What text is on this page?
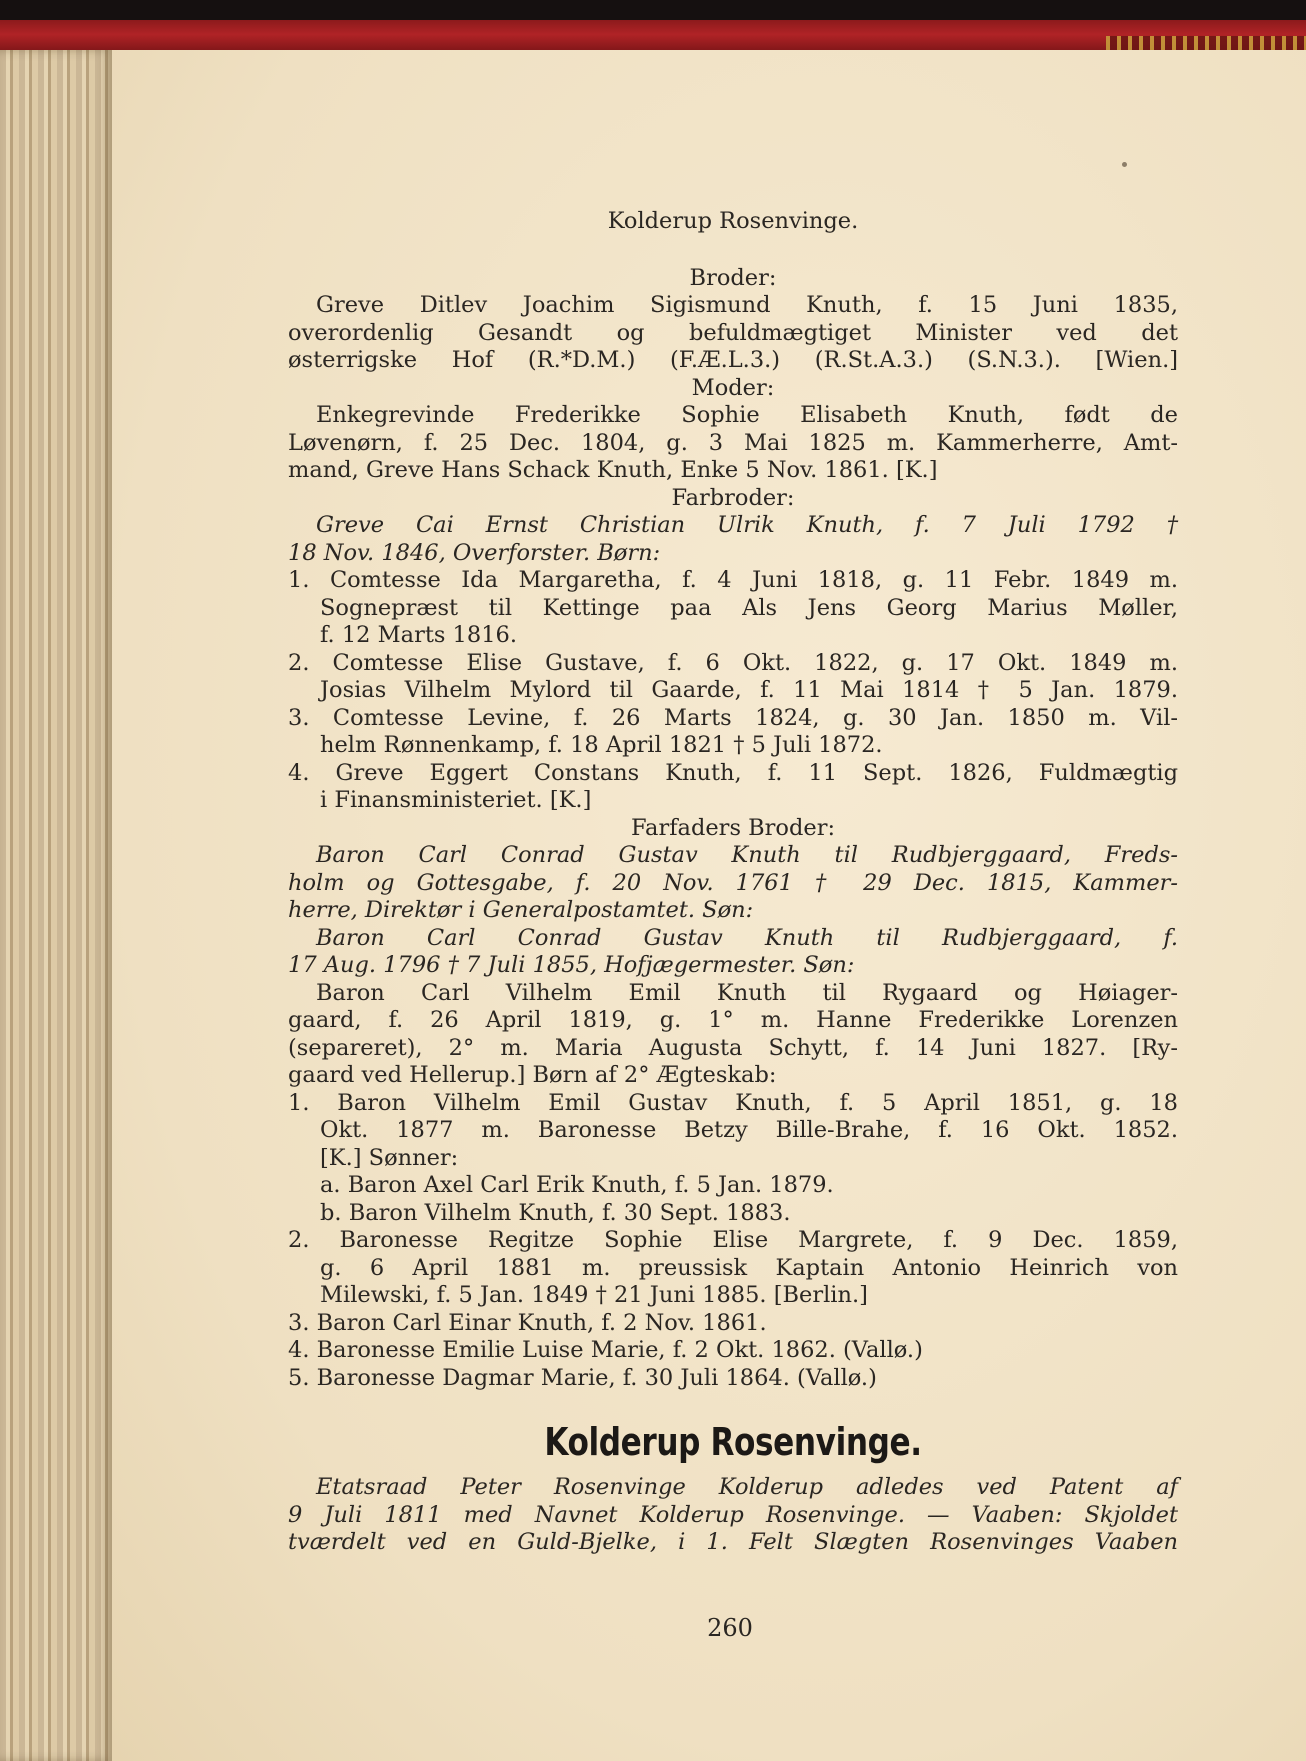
Kolderup Rosenvinge.
Broder:
Greve Ditlev Joachim Sigismund Knuth, f. 15 Juni 1835,
overordenlig Gesandt og befuldmægtiget Minister ved det
østerrigske Hof (R.*D.M.) (F.Æ.L.3.) (R.St.A.3.) (S.N.3.). [Wien.]
Moder:
Enkegrevinde Frederikke Sophie Elisabeth Knuth, født de
Løvenørn, f. 25 Dec. 1804, g. 3 Mai 1825 m. Kammerherre, Amt-
mand, Greve Hans Schack Knuth, Enke 5 Nov. 1861. [K.]
Farbroder:
Greve Cai Ernst Christian Ulrik Knuth, f. 7 Juli 1792 †
18 Nov. 1846, Overforster. Børn:
1. Comtesse Ida Margaretha, f. 4 Juni 1818, g. 11 Febr. 1849 m.
Sognepræst til Kettinge paa Als Jens Georg Marius Møller,
f. 12 Marts 1816.
2. Comtesse Elise Gustave, f. 6 Okt. 1822, g. 17 Okt. 1849 m.
Josias Vilhelm Mylord til Gaarde, f. 11 Mai 1814 † 5 Jan. 1879.
3. Comtesse Levine, f. 26 Marts 1824, g. 30 Jan. 1850 m. Vil-
helm Rønnenkamp, f. 18 April 1821 † 5 Juli 1872.
4. Greve Eggert Constans Knuth, f. 11 Sept. 1826, Fuldmægtig
i Finansministeriet. [K.]
Farfaders Broder:
Baron Carl Conrad Gustav Knuth til Rudbjerggaard, Freds-
holm og Gottesgabe, f. 20 Nov. 1761 † 29 Dec. 1815, Kammer-
herre, Direktør i Generalpostamtet. Søn:
Baron Carl Conrad Gustav Knuth til Rudbjerggaard, f.
17 Aug. 1796 † 7 Juli 1855, Hofjægermester. Søn:
Baron Carl Vilhelm Emil Knuth til Rygaard og Høiager-
gaard, f. 26 April 1819, g. 1° m. Hanne Frederikke Lorenzen
(separeret), 2° m. Maria Augusta Schytt, f. 14 Juni 1827. [Ry-
gaard ved Hellerup.] Børn af 2° Ægteskab:
1. Baron Vilhelm Emil Gustav Knuth, f. 5 April 1851, g. 18
Okt. 1877 m. Baronesse Betzy Bille-Brahe, f. 16 Okt. 1852.
[K.] Sønner:
a. Baron Axel Carl Erik Knuth, f. 5 Jan. 1879.
b. Baron Vilhelm Knuth, f. 30 Sept. 1883.
2. Baronesse Regitze Sophie Elise Margrete, f. 9 Dec. 1859,
g. 6 April 1881 m. preussisk Kaptain Antonio Heinrich von
Milewski, f. 5 Jan. 1849 † 21 Juni 1885. [Berlin.]
3. Baron Carl Einar Knuth, f. 2 Nov. 1861.
4. Baronesse Emilie Luise Marie, f. 2 Okt. 1862. (Vallø.)
5. Baronesse Dagmar Marie, f. 30 Juli 1864. (Vallø.)
Kolderup Rosenvinge.
Etatsraad Peter Rosenvinge Kolderup adledes ved Patent af
9 Juli 1811 med Navnet Kolderup Rosenvinge. — Vaaben: Skjoldet
tværdelt ved en Guld-Bjelke, i 1. Felt Slægten Rosenvinges Vaaben
260
